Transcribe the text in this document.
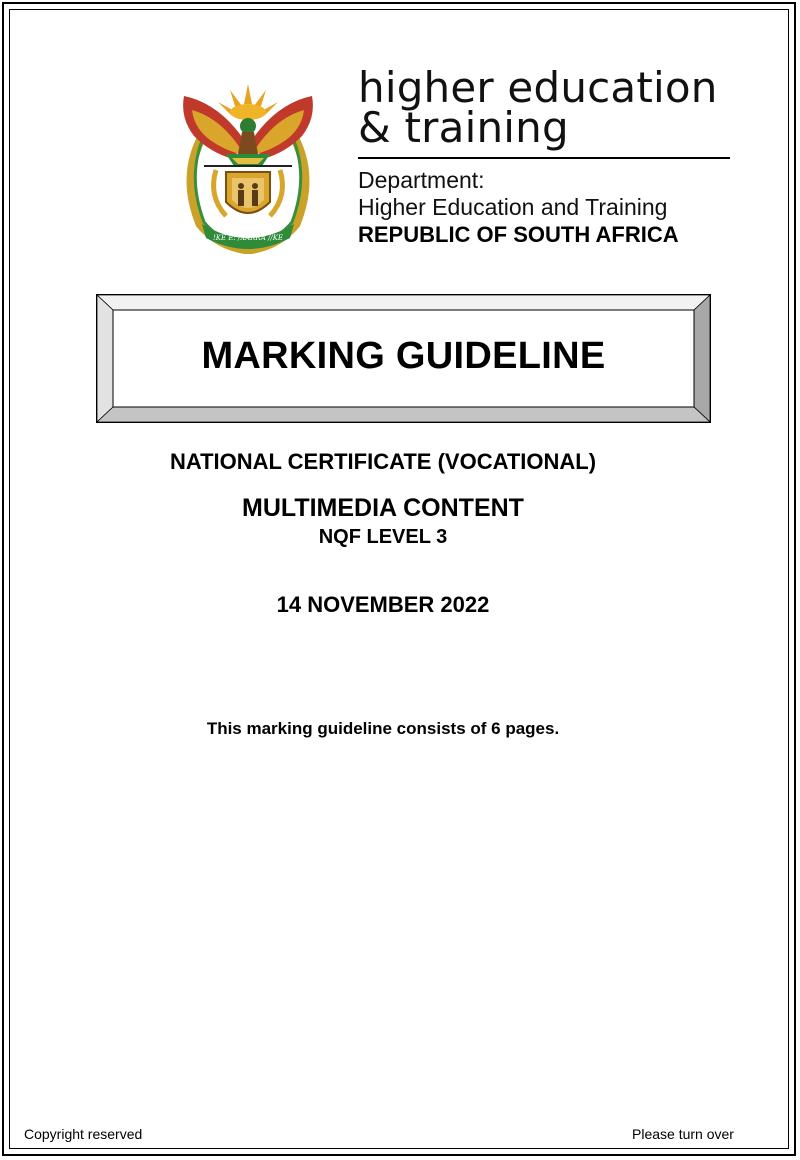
!KE E: /XARRA //KE
higher education
& training
Department:
Higher Education and Training
REPUBLIC OF SOUTH AFRICA
MARKING GUIDELINE
NATIONAL CERTIFICATE (VOCATIONAL)
MULTIMEDIA CONTENT
NQF LEVEL 3
14 NOVEMBER 2022
This marking guideline consists of 6 pages.
Copyright reserved	Please turn over
